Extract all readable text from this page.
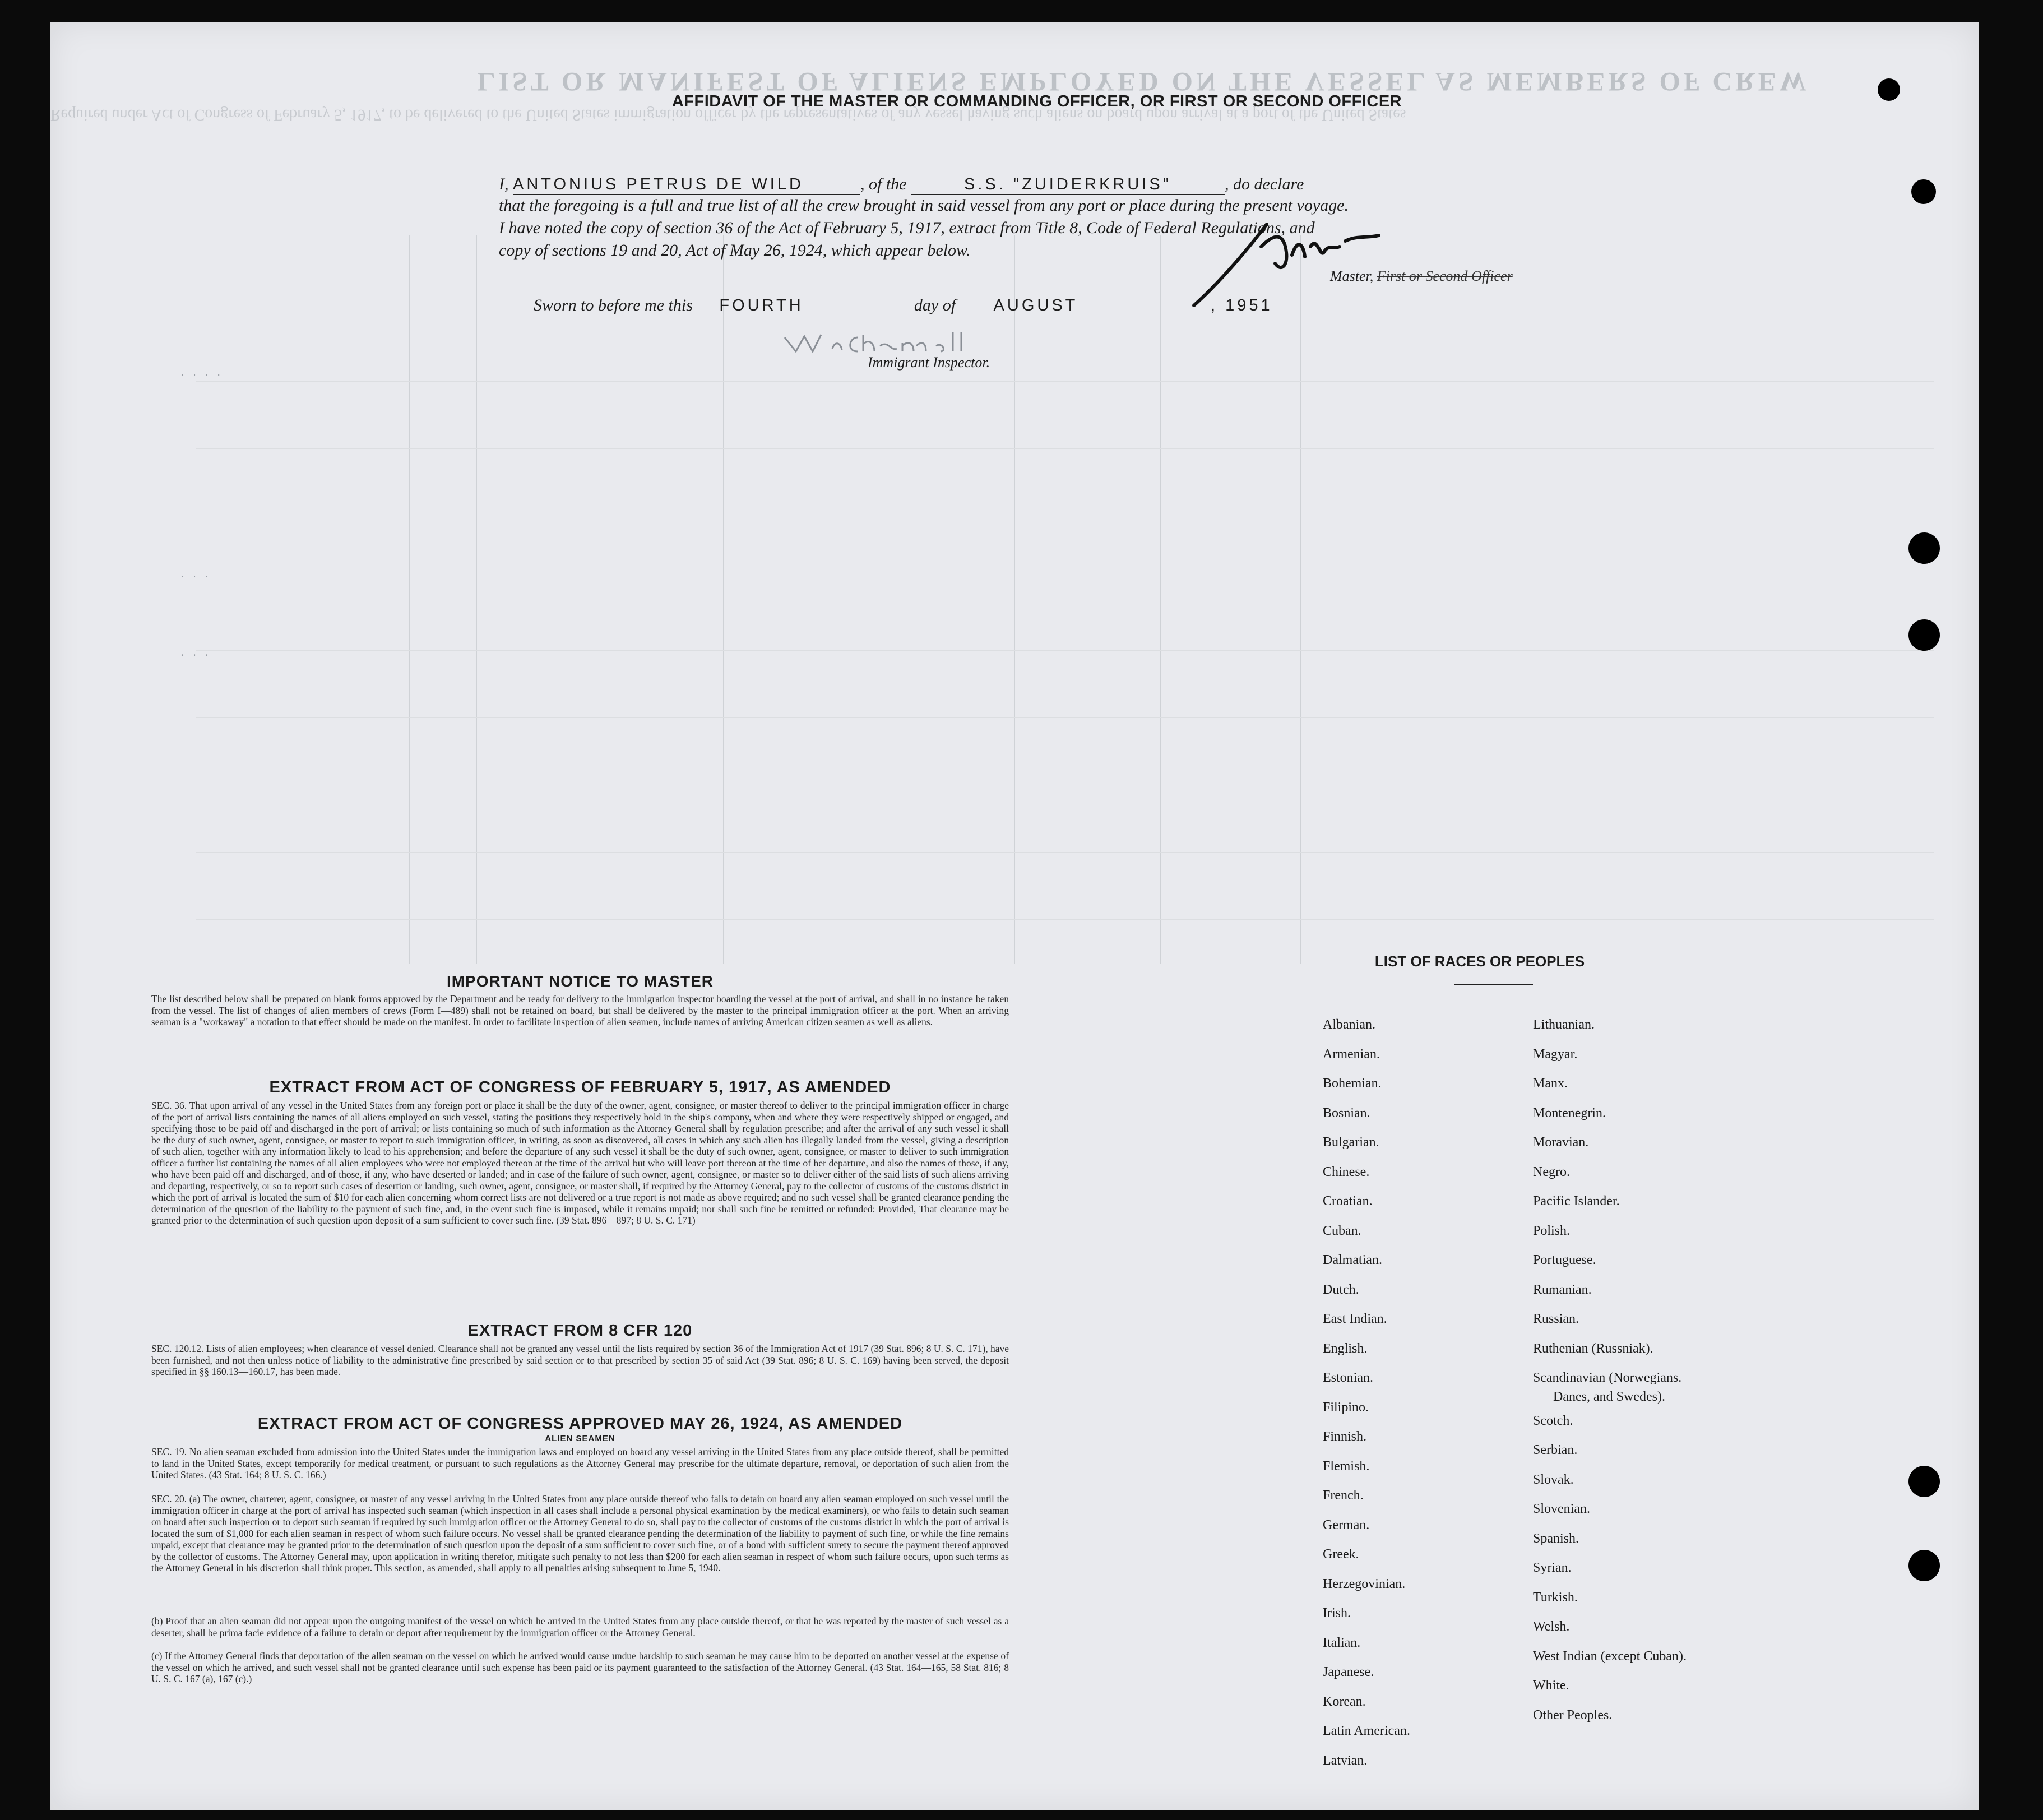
LIST OR MANIFEST OF ALIENS EMPLOYED ON THE VESSEL AS MEMBERS OF CREW
Required under Act of Congress of February 5, 1917, to be delivered to the United States immigration officer by the representatives of any vessel having such aliens on board upon arrival at a port of the United States
AFFIDAVIT OF THE MASTER OR COMMANDING OFFICER, OR FIRST OR SECOND OFFICER
I, ANTONIUS PETRUS DE WILD	, of the	S.S. "ZUIDERKRUIS"	, do declare
that the foregoing is a full and true list of all the crew brought in said vessel from any port or place during the present voyage.
I have noted the copy of section 36 of the Act of February 5, 1917, extract from Title 8, Code of Federal Regulations, and
copy of sections 19 and 20, Act of May 26, 1924, which appear below.
Master, First or Second Officer
Sworn to before me this FOURTH	day of AUGUST	, 1951
Immigrant Inspector.
· · · ·
· · ·
· · ·
IMPORTANT NOTICE TO MASTER
The list described below shall be prepared on blank forms approved by the Department and be ready for delivery to the immigration inspector boarding the vessel at the port of arrival, and shall in no instance be taken from the vessel. The list of changes of alien members of crews (Form I—489) shall not be retained on board, but shall be delivered by the master to the principal immigration officer at the port. When an arriving seaman is a "workaway" a notation to that effect should be made on the manifest. In order to facilitate inspection of alien seamen, include names of arriving American citizen seamen as well as aliens.
EXTRACT FROM ACT OF CONGRESS OF FEBRUARY 5, 1917, AS AMENDED
SEC. 36. That upon arrival of any vessel in the United States from any foreign port or place it shall be the duty of the owner, agent, consignee, or master thereof to deliver to the principal immigration officer in charge of the port of arrival lists containing the names of all aliens employed on such vessel, stating the positions they respectively hold in the ship's company, when and where they were respectively shipped or engaged, and specifying those to be paid off and discharged in the port of arrival; or lists containing so much of such information as the Attorney General shall by regulation prescribe; and after the arrival of any such vessel it shall be the duty of such owner, agent, consignee, or master to report to such immigration officer, in writing, as soon as discovered, all cases in which any such alien has illegally landed from the vessel, giving a description of such alien, together with any information likely to lead to his apprehension; and before the departure of any such vessel it shall be the duty of such owner, agent, consignee, or master to deliver to such immigration officer a further list containing the names of all alien employees who were not employed thereon at the time of the arrival but who will leave port thereon at the time of her departure, and also the names of those, if any, who have been paid off and discharged, and of those, if any, who have deserted or landed; and in case of the failure of such owner, agent, consignee, or master so to deliver either of the said lists of such aliens arriving and departing, respectively, or so to report such cases of desertion or landing, such owner, agent, consignee, or master shall, if required by the Attorney General, pay to the collector of customs of the customs district in which the port of arrival is located the sum of $10 for each alien concerning whom correct lists are not delivered or a true report is not made as above required; and no such vessel shall be granted clearance pending the determination of the question of the liability to the payment of such fine, and, in the event such fine is imposed, while it remains unpaid; nor shall such fine be remitted or refunded: Provided, That clearance may be granted prior to the determination of such question upon deposit of a sum sufficient to cover such fine. (39 Stat. 896—897; 8 U. S. C. 171)
EXTRACT FROM 8 CFR 120
SEC. 120.12. Lists of alien employees; when clearance of vessel denied. Clearance shall not be granted any vessel until the lists required by section 36 of the Immigration Act of 1917 (39 Stat. 896; 8 U. S. C. 171), have been furnished, and not then unless notice of liability to the administrative fine prescribed by said section or to that prescribed by section 35 of said Act (39 Stat. 896; 8 U. S. C. 169) having been served, the deposit specified in §§ 160.13—160.17, has been made.
EXTRACT FROM ACT OF CONGRESS APPROVED MAY 26, 1924, AS AMENDED
ALIEN SEAMEN
SEC. 19. No alien seaman excluded from admission into the United States under the immigration laws and employed on board any vessel arriving in the United States from any place outside thereof, shall be permitted to land in the United States, except temporarily for medical treatment, or pursuant to such regulations as the Attorney General may prescribe for the ultimate departure, removal, or deportation of such alien from the United States. (43 Stat. 164; 8 U. S. C. 166.)
SEC. 20. (a) The owner, charterer, agent, consignee, or master of any vessel arriving in the United States from any place outside thereof who fails to detain on board any alien seaman employed on such vessel until the immigration officer in charge at the port of arrival has inspected such seaman (which inspection in all cases shall include a personal physical examination by the medical examiners), or who fails to detain such seaman on board after such inspection or to deport such seaman if required by such immigration officer or the Attorney General to do so, shall pay to the collector of customs of the customs district in which the port of arrival is located the sum of $1,000 for each alien seaman in respect of whom such failure occurs. No vessel shall be granted clearance pending the determination of the liability to payment of such fine, or while the fine remains unpaid, except that clearance may be granted prior to the determination of such question upon the deposit of a sum sufficient to cover such fine, or of a bond with sufficient surety to secure the payment thereof approved by the collector of customs. The Attorney General may, upon application in writing therefor, mitigate such penalty to not less than $200 for each alien seaman in respect of whom such failure occurs, upon such terms as the Attorney General in his discretion shall think proper. This section, as amended, shall apply to all penalties arising subsequent to June 5, 1940.
(b) Proof that an alien seaman did not appear upon the outgoing manifest of the vessel on which he arrived in the United States from any place outside thereof, or that he was reported by the master of such vessel as a deserter, shall be prima facie evidence of a failure to detain or deport after requirement by the immigration officer or the Attorney General.
(c) If the Attorney General finds that deportation of the alien seaman on the vessel on which he arrived would cause undue hardship to such seaman he may cause him to be deported on another vessel at the expense of the vessel on which he arrived, and such vessel shall not be granted clearance until such expense has been paid or its payment guaranteed to the satisfaction of the Attorney General. (43 Stat. 164—165, 58 Stat. 816; 8 U. S. C. 167 (a), 167 (c).)
LIST OF RACES OR PEOPLES
Albanian.
Armenian.
Bohemian.
Bosnian.
Bulgarian.
Chinese.
Croatian.
Cuban.
Dalmatian.
Dutch.
East Indian.
English.
Estonian.
Filipino.
Finnish.
Flemish.
French.
German.
Greek.
Herzegovinian.
Irish.
Italian.
Japanese.
Korean.
Latin American.
Latvian.
Lithuanian.
Magyar.
Manx.
Montenegrin.
Moravian.
Negro.
Pacific Islander.
Polish.
Portuguese.
Rumanian.
Russian.
Ruthenian (Russniak).
Scandinavian (Norwegians.
Danes, and Swedes).
Scotch.
Serbian.
Slovak.
Slovenian.
Spanish.
Syrian.
Turkish.
Welsh.
West Indian (except Cuban).
White.
Other Peoples.
